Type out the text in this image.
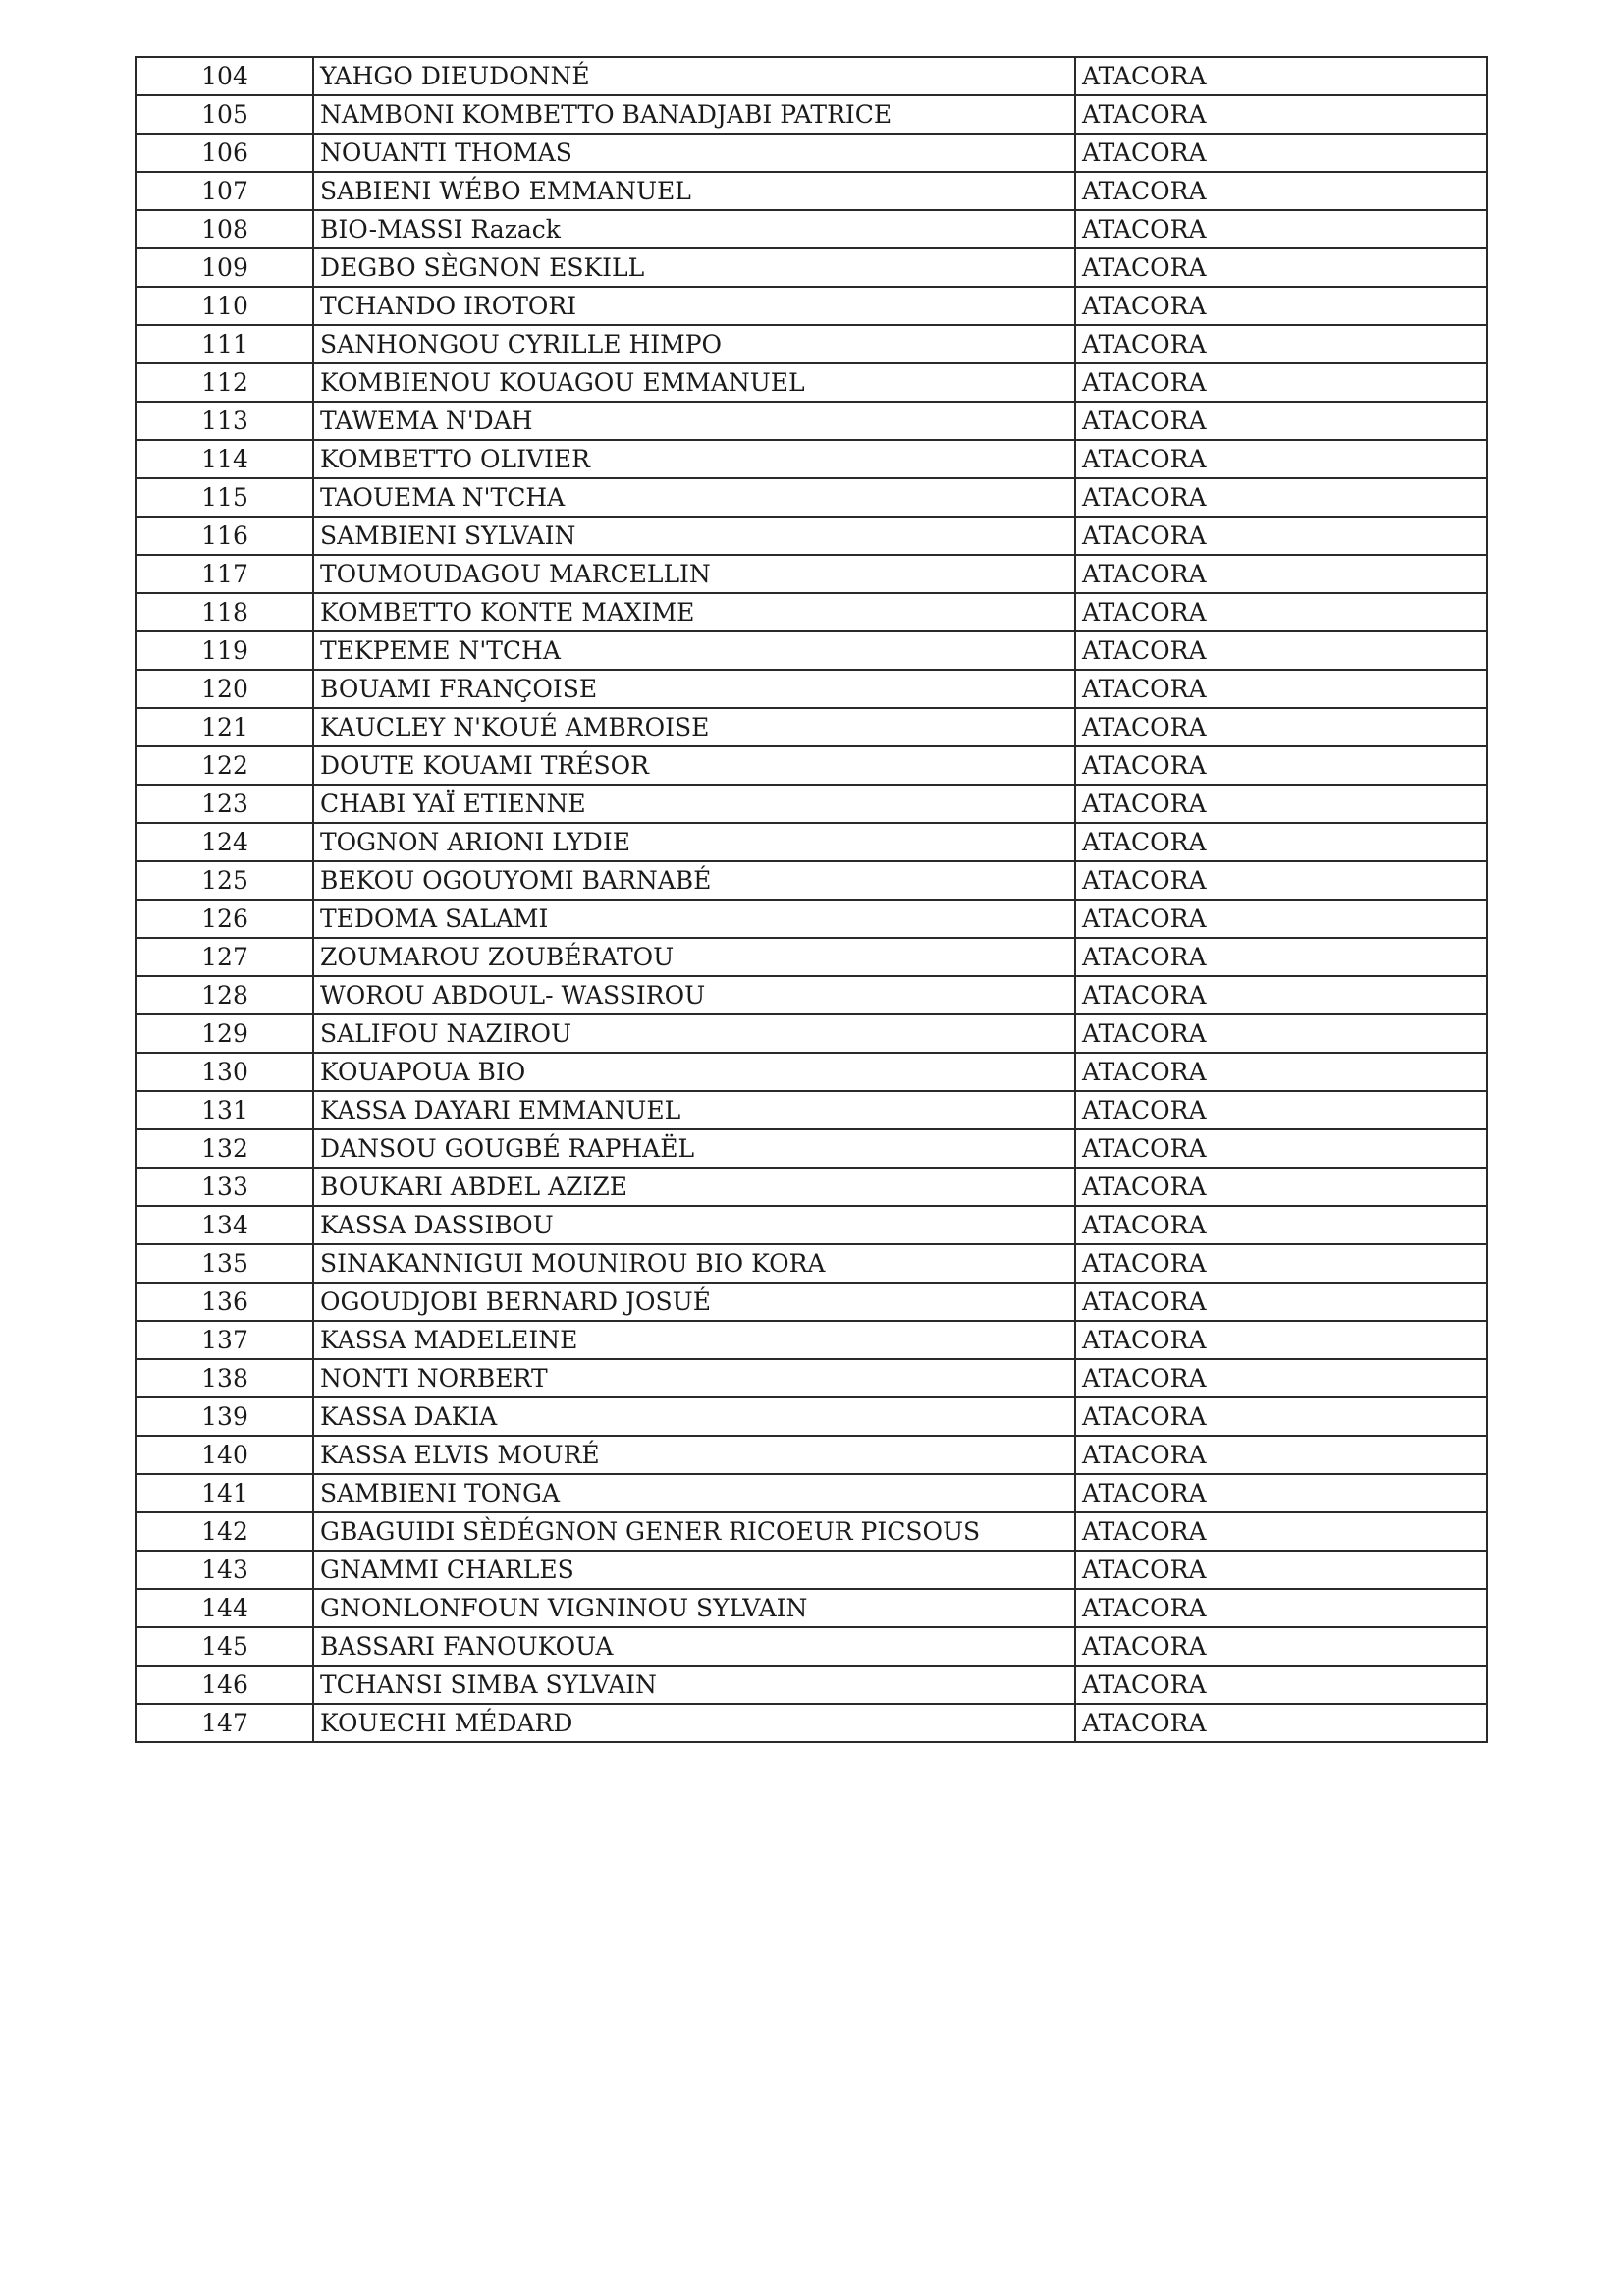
104	YAHGO DIEUDONNÉ	ATACORA
105	NAMBONI KOMBETTO BANADJABI PATRICE	ATACORA
106	NOUANTI THOMAS	ATACORA
107	SABIENI WÉBO EMMANUEL	ATACORA
108	BIO-MASSI Razack	ATACORA
109	DEGBO SÈGNON ESKILL	ATACORA
110	TCHANDO IROTORI	ATACORA
111	SANHONGOU CYRILLE HIMPO	ATACORA
112	KOMBIENOU KOUAGOU EMMANUEL	ATACORA
113	TAWEMA N'DAH	ATACORA
114	KOMBETTO OLIVIER	ATACORA
115	TAOUEMA N'TCHA	ATACORA
116	SAMBIENI SYLVAIN	ATACORA
117	TOUMOUDAGOU MARCELLIN	ATACORA
118	KOMBETTO KONTE MAXIME	ATACORA
119	TEKPEME N'TCHA	ATACORA
120	BOUAMI FRANÇOISE	ATACORA
121	KAUCLEY N'KOUÉ AMBROISE	ATACORA
122	DOUTE KOUAMI TRÉSOR	ATACORA
123	CHABI YAÏ ETIENNE	ATACORA
124	TOGNON ARIONI LYDIE	ATACORA
125	BEKOU OGOUYOMI BARNABÉ	ATACORA
126	TEDOMA SALAMI	ATACORA
127	ZOUMAROU ZOUBÉRATOU	ATACORA
128	WOROU ABDOUL- WASSIROU	ATACORA
129	SALIFOU NAZIROU	ATACORA
130	KOUAPOUA BIO	ATACORA
131	KASSA DAYARI EMMANUEL	ATACORA
132	DANSOU GOUGBÉ RAPHAËL	ATACORA
133	BOUKARI ABDEL AZIZE	ATACORA
134	KASSA DASSIBOU	ATACORA
135	SINAKANNIGUI MOUNIROU BIO KORA	ATACORA
136	OGOUDJOBI BERNARD JOSUÉ	ATACORA
137	KASSA MADELEINE	ATACORA
138	NONTI NORBERT	ATACORA
139	KASSA DAKIA	ATACORA
140	KASSA ELVIS MOURÉ	ATACORA
141	SAMBIENI TONGA	ATACORA
142	GBAGUIDI SÈDÉGNON GENER RICOEUR PICSOUS	ATACORA
143	GNAMMI CHARLES	ATACORA
144	GNONLONFOUN VIGNINOU SYLVAIN	ATACORA
145	BASSARI FANOUKOUA	ATACORA
146	TCHANSI SIMBA SYLVAIN	ATACORA
147	KOUECHI MÉDARD	ATACORA
